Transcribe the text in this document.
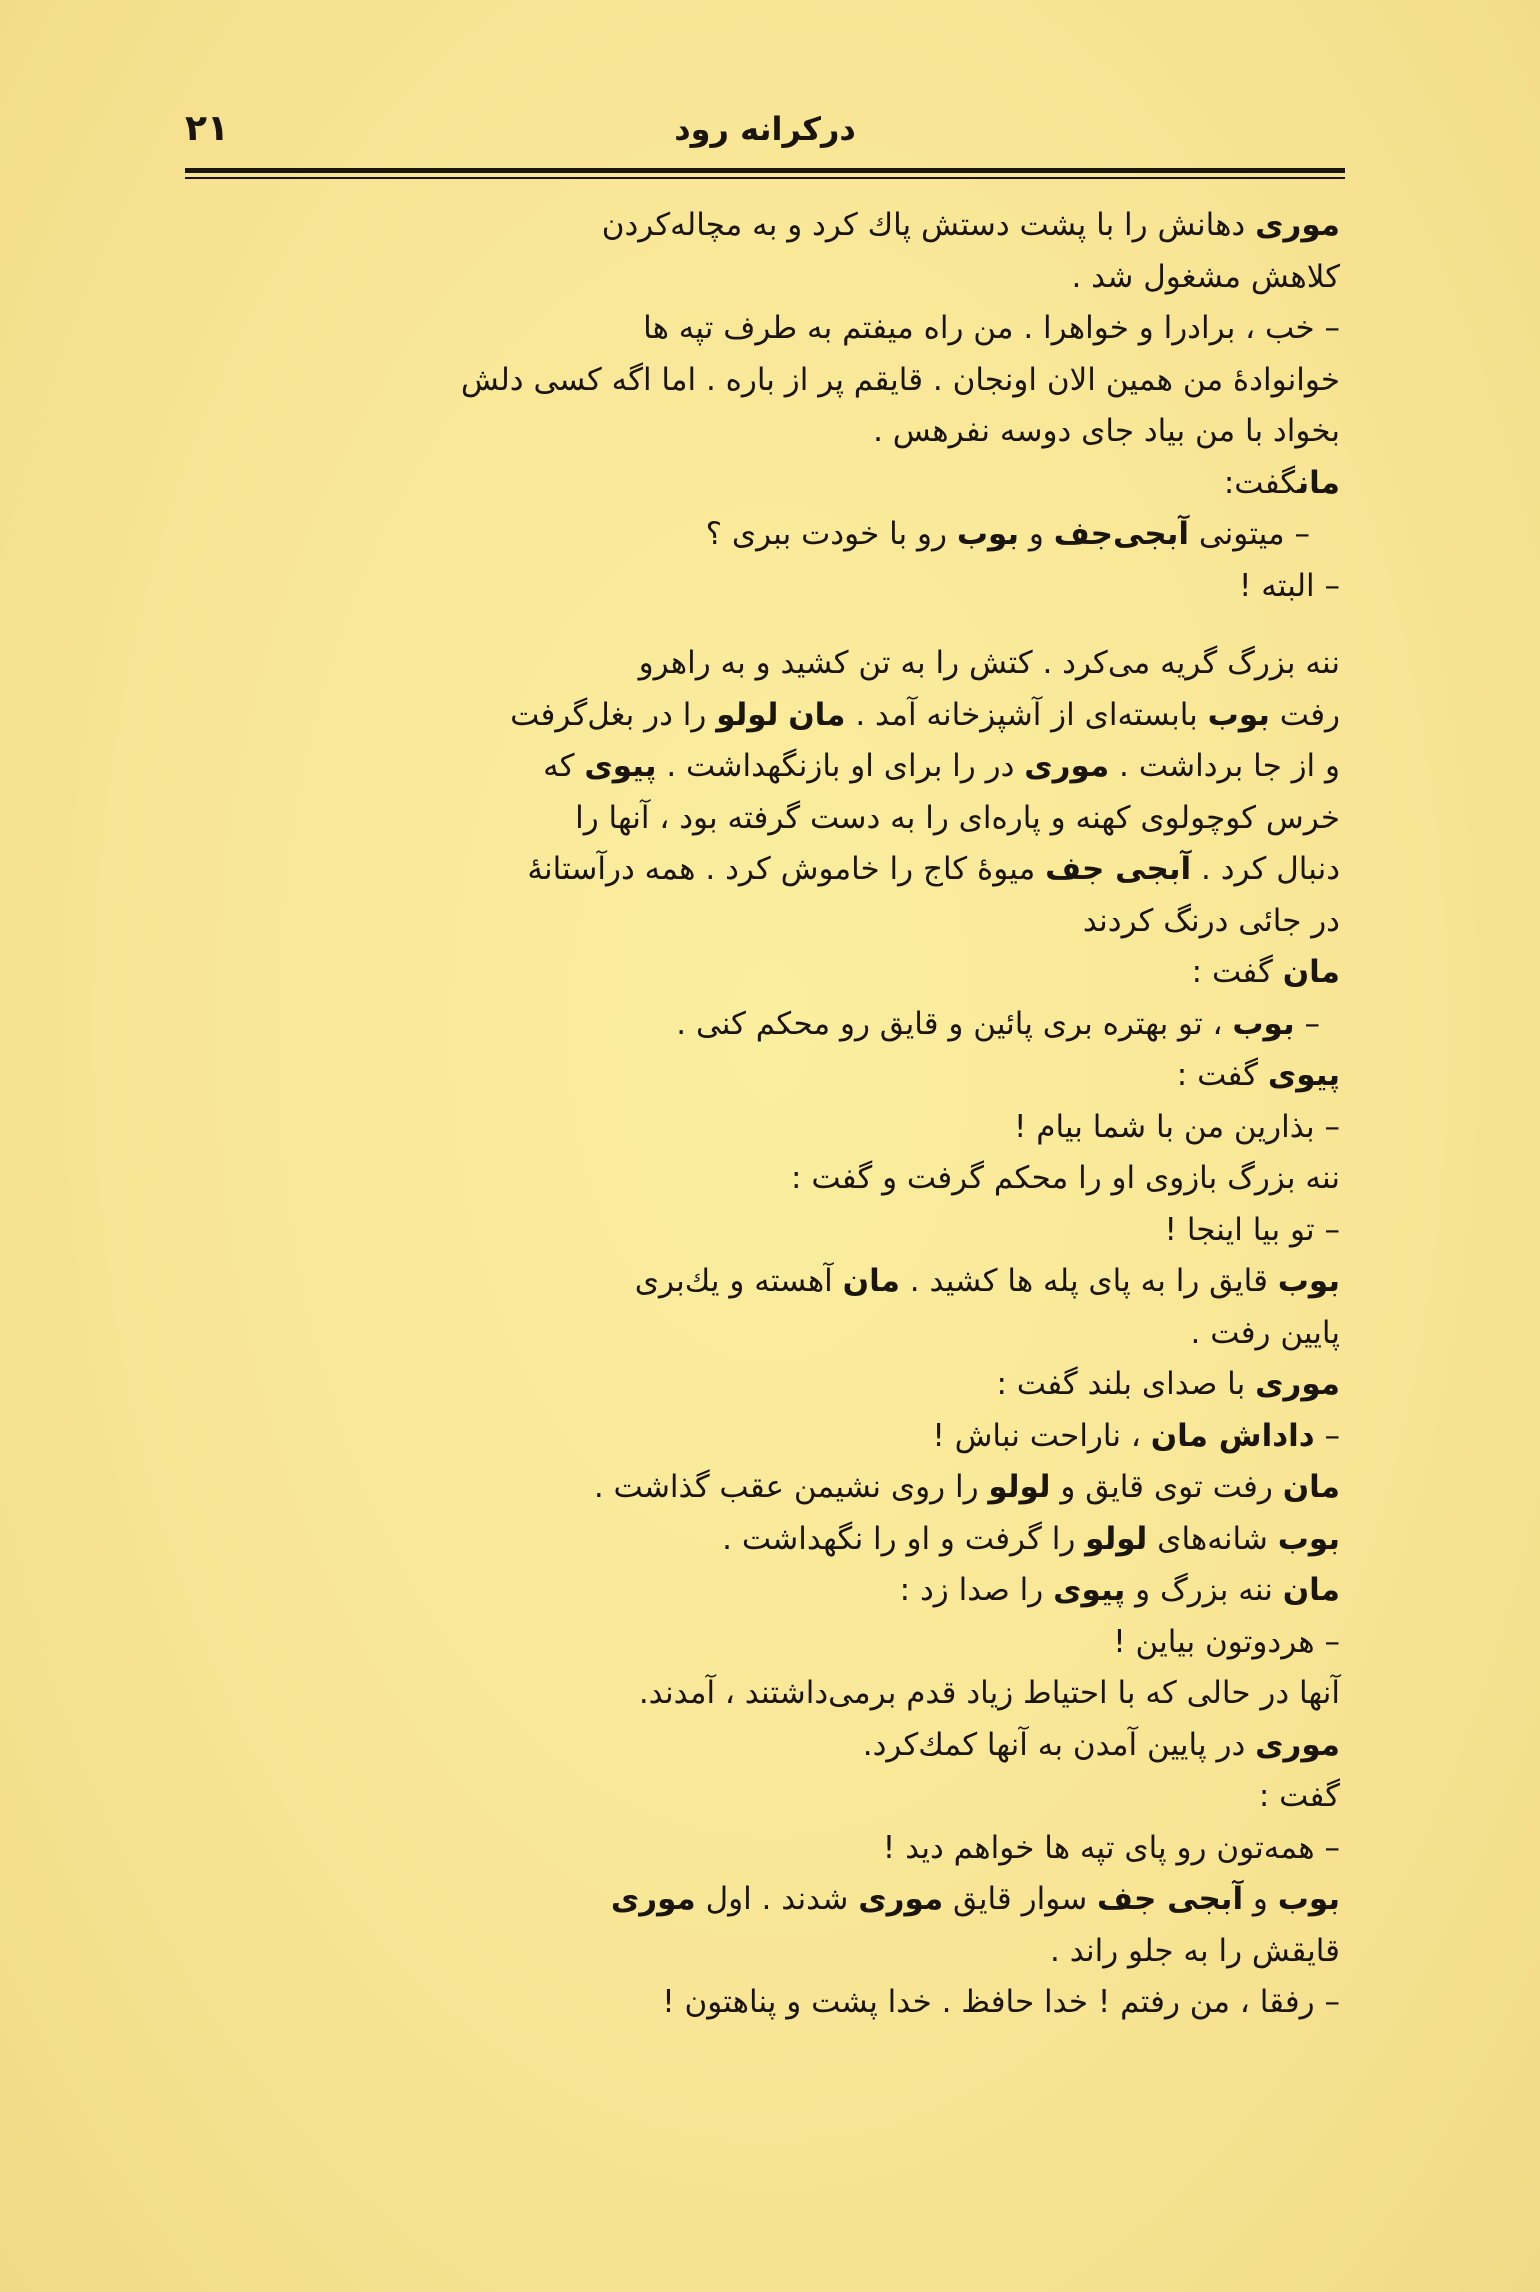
۲۱	درکرانه رود
موری دهانش را با پشت دستش پاك كرد و به مچاله‌كردن
كلاهش مشغول شد .
– خب ، برادرا و خواهرا . من راه میفتم به طرف تپه ها
خوانوادهٔ من همین الان اونجان . قایقم پر از باره . اما اگه كسی دلش
بخواد با من بیاد جای دوسه نفرهس .
مانگفت:
– میتونی آبجی‌جف و بوب رو با خودت ببری ؟
– البته !
ننه بزرگ گریه می‌كرد . كتش را به تن كشید و به راهرو
رفت بوب بابسته‌ای از آشپزخانه آمد . مان لولو را در بغل‌گرفت
و از جا برداشت . موری در را برای او بازنگهداشت . پیوی كه
خرس كوچولوی كهنه و پاره‌ای را به دست گرفته بود ، آنها را
دنبال كرد . آبجی جف میوهٔ كاج را خاموش كرد . همه درآستانهٔ
در جائی درنگ كردند
مان گفت :
– بوب ، تو بهتره بری پائین و قایق رو محكم كنی .
پیوی گفت :
– بذارین من با شما بیام !
ننه بزرگ بازوی او را محكم گرفت و گفت :
– تو بیا اینجا !
بوب قایق را به پای پله ها كشید . مان آهسته و یك‌بری
پایین رفت .
موری با صدای بلند گفت :
– داداش مان ، ناراحت نباش !
مان رفت توی قایق و لولو را روی نشیمن عقب گذاشت .
بوب شانه‌های لولو را گرفت و او را نگهداشت .
مان ننه بزرگ و پیوی را صدا زد :
– هردوتون بیاین !
آنها در حالی كه با احتیاط زیاد قدم برمی‌داشتند ، آمدند.
موری در پایین آمدن به آنها كمك‌كرد.
گفت :
– همه‌تون رو پای تپه ها خواهم دید !
بوب و آبجی جف سوار قایق موری شدند . اول موری
قایقش را به جلو راند .
– رفقا ، من رفتم ! خدا حافظ . خدا پشت و پناهتون !
